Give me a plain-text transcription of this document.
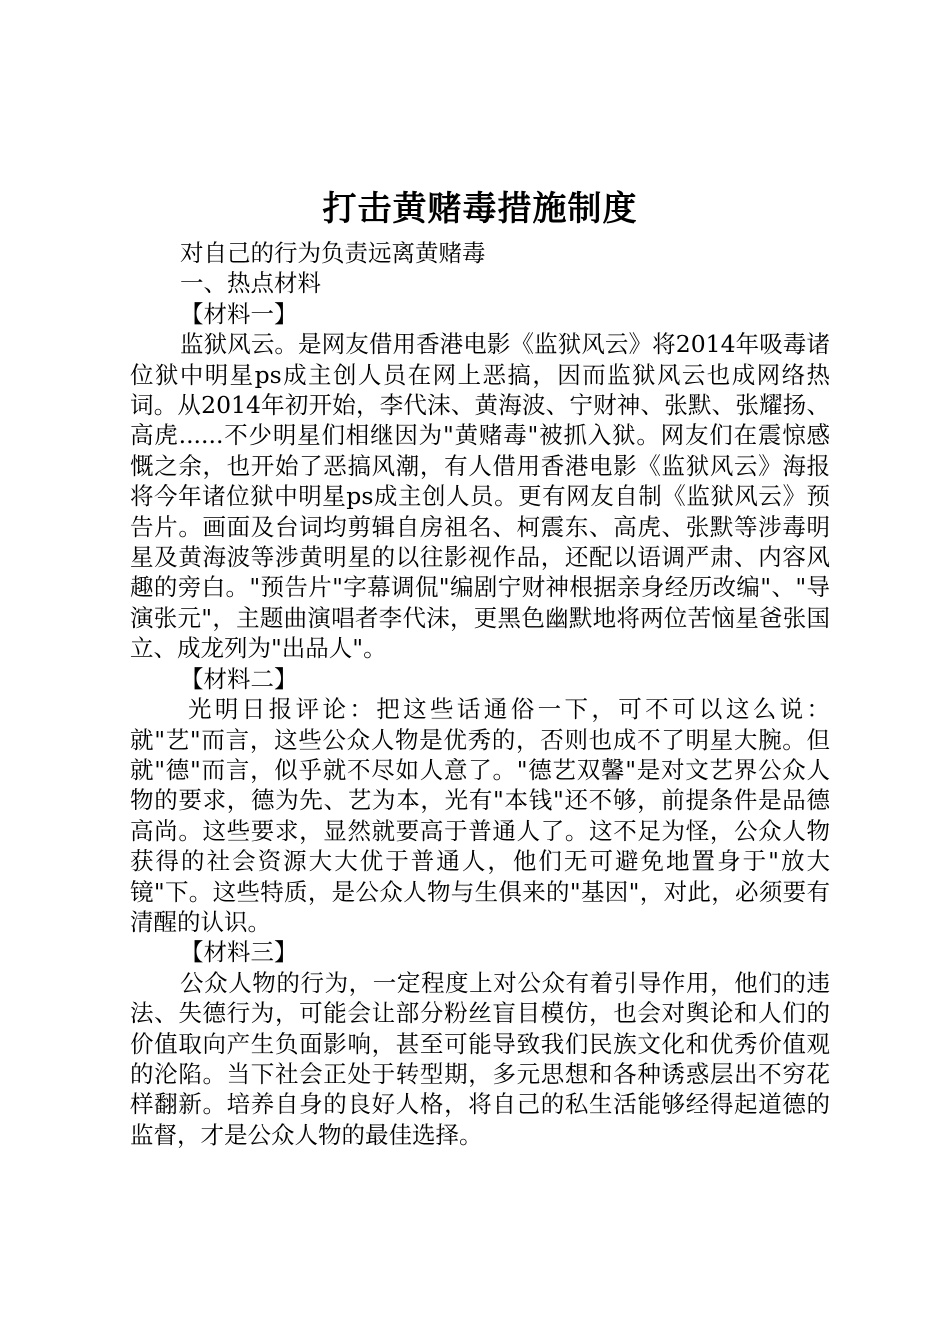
打击黄赌毒措施制度

对自己的行为负责远离黄赌毒

一、热点材料

【材料一】

监狱风云。是网友借用香港电影《监狱风云》将2014年吸毒诸位狱中明星ps成主创人员在网上恶搞，因而监狱风云也成网络热词。从2014年初开始，李代沫、黄海波、宁财神、张默、张耀扬、高虎......不少明星们相继因为"黄赌毒"被抓入狱。网友们在震惊感慨之余，也开始了恶搞风潮，有人借用香港电影《监狱风云》海报将今年诸位狱中明星ps成主创人员。更有网友自制《监狱风云》预告片。画面及台词均剪辑自房祖名、柯震东、高虎、张默等涉毒明星及黄海波等涉黄明星的以往影视作品，还配以语调严肃、内容风趣的旁白。"预告片"字幕调侃"编剧宁财神根据亲身经历改编"、"导演张元"，主题曲演唱者李代沫，更黑色幽默地将两位苦恼星爸张国立、成龙列为"出品人"。

【材料二】

光明日报评论：把这些话通俗一下，可不可以这么说：就"艺"而言，这些公众人物是优秀的，否则也成不了明星大腕。但就"德"而言，似乎就不尽如人意了。"德艺双馨"是对文艺界公众人物的要求，德为先、艺为本，光有"本钱"还不够，前提条件是品德高尚。这些要求，显然就要高于普通人了。这不足为怪，公众人物获得的社会资源大大优于普通人，他们无可避免地置身于"放大镜"下。这些特质，是公众人物与生俱来的"基因"，对此，必须要有清醒的认识。

【材料三】

公众人物的行为，一定程度上对公众有着引导作用，他们的违法、失德行为，可能会让部分粉丝盲目模仿，也会对舆论和人们的价值取向产生负面影响，甚至可能导致我们民族文化和优秀价值观的沦陷。当下社会正处于转型期，多元思想和各种诱惑层出不穷花样翻新。培养自身的良好人格，将自己的私生活能够经得起道德的监督，才是公众人物的最佳选择。
